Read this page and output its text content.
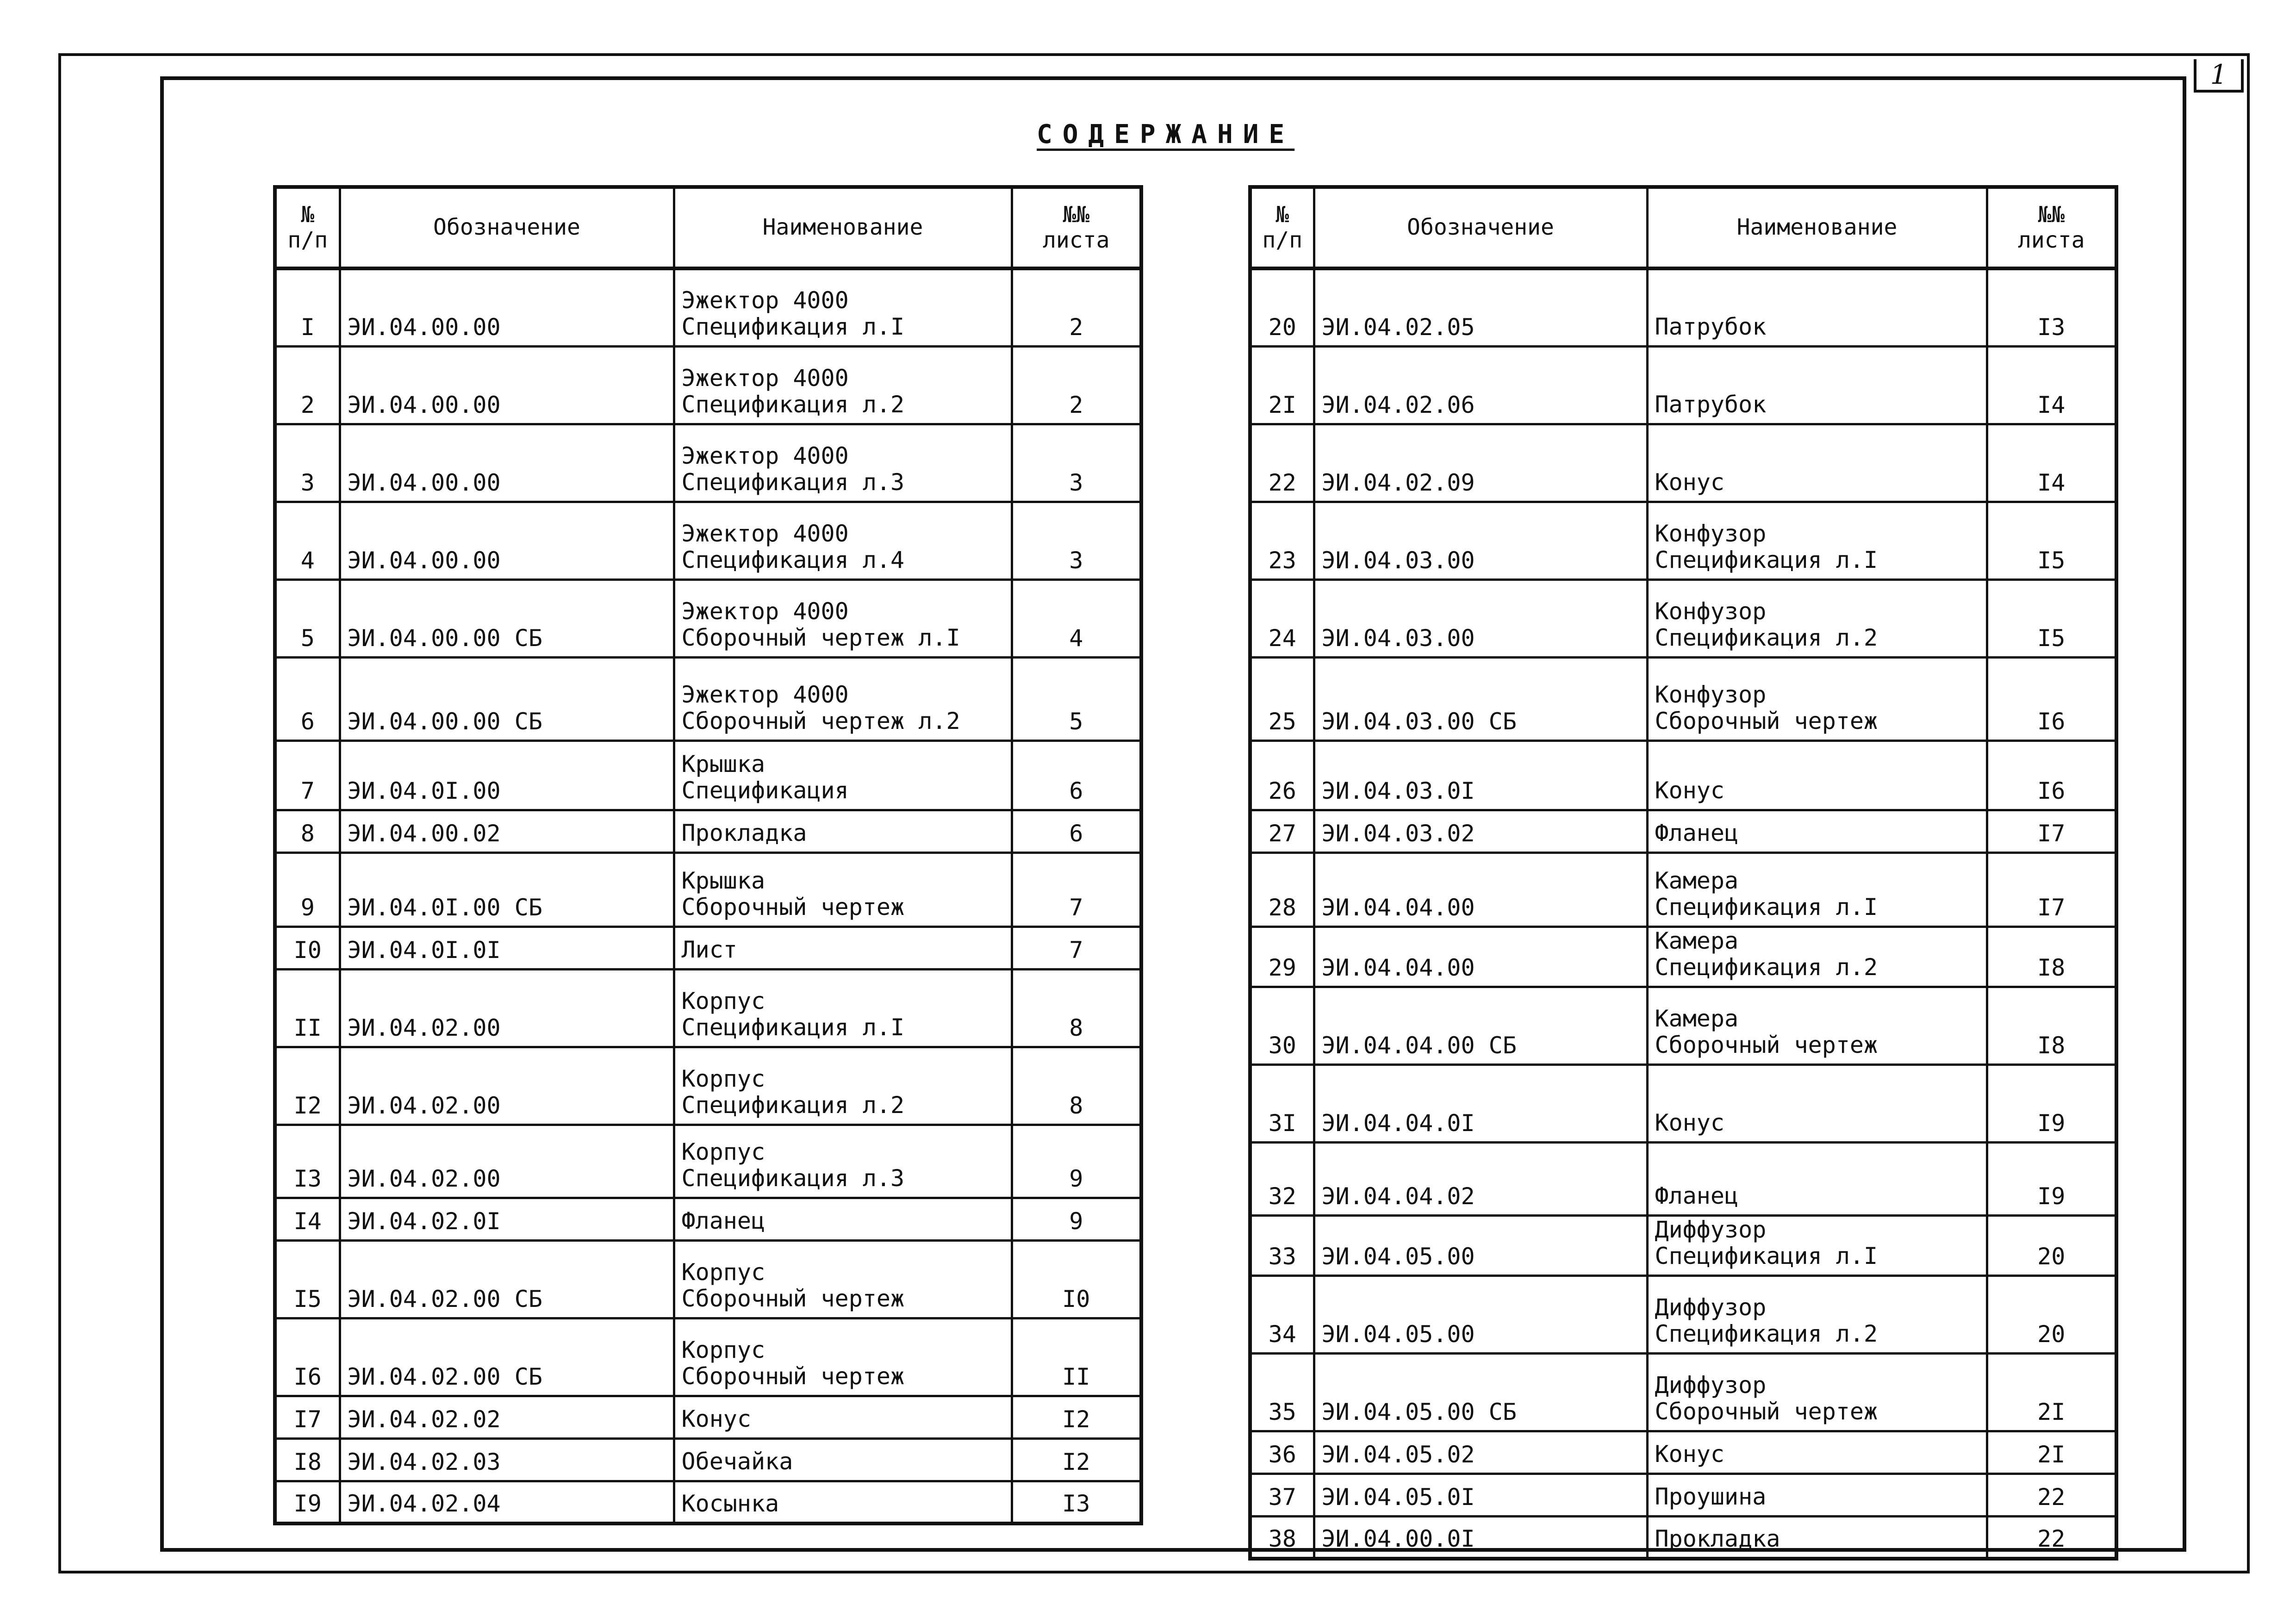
1
СОДЕРЖАНИЕ
№
п/п	Обозначение	Наименование	№№
листа
I	ЭИ.04.00.00	Эжектор 4000
Спецификация л.I	2
2	ЭИ.04.00.00	Эжектор 4000
Спецификация л.2	2
3	ЭИ.04.00.00	Эжектор 4000
Спецификация л.3	3
4	ЭИ.04.00.00	Эжектор 4000
Спецификация л.4	3
5	ЭИ.04.00.00 СБ	Эжектор 4000
Сборочный чертеж л.I	4
6	ЭИ.04.00.00 СБ	Эжектор 4000
Сборочный чертеж л.2	5
7	ЭИ.04.0I.00	Крышка
Спецификация	6
8	ЭИ.04.00.02	Прокладка	6
9	ЭИ.04.0I.00 СБ	Крышка
Сборочный чертеж	7
I0	ЭИ.04.0I.0I	Лист	7
II	ЭИ.04.02.00	Корпус
Спецификация л.I	8
I2	ЭИ.04.02.00	Корпус
Спецификация л.2	8
I3	ЭИ.04.02.00	Корпус
Спецификация л.3	9
I4	ЭИ.04.02.0I	Фланец	9
I5	ЭИ.04.02.00 СБ	Корпус
Сборочный чертеж	I0
I6	ЭИ.04.02.00 СБ	Корпус
Сборочный чертеж	II
I7	ЭИ.04.02.02	Конус	I2
I8	ЭИ.04.02.03	Обечайка	I2
I9	ЭИ.04.02.04	Косынка	I3
№
п/п	Обозначение	Наименование	№№
листа
20	ЭИ.04.02.05	Патрубок	I3
2I	ЭИ.04.02.06	Патрубок	I4
22	ЭИ.04.02.09	Конус	I4
23	ЭИ.04.03.00	Конфузор
Спецификация л.I	I5
24	ЭИ.04.03.00	Конфузор
Спецификация л.2	I5
25	ЭИ.04.03.00 СБ	Конфузор
Сборочный чертеж	I6
26	ЭИ.04.03.0I	Конус	I6
27	ЭИ.04.03.02	Фланец	I7
28	ЭИ.04.04.00	Камера
Спецификация л.I	I7
29	ЭИ.04.04.00	Камера
Спецификация л.2	I8
30	ЭИ.04.04.00 СБ	Камера
Сборочный чертеж	I8
3I	ЭИ.04.04.0I	Конус	I9
32	ЭИ.04.04.02	Фланец	I9
33	ЭИ.04.05.00	Диффузор
Спецификация л.I	20
34	ЭИ.04.05.00	Диффузор
Спецификация л.2	20
35	ЭИ.04.05.00 СБ	Диффузор
Сборочный чертеж	2I
36	ЭИ.04.05.02	Конус	2I
37	ЭИ.04.05.0I	Проушина	22
38	ЭИ.04.00.0I	Прокладка	22
